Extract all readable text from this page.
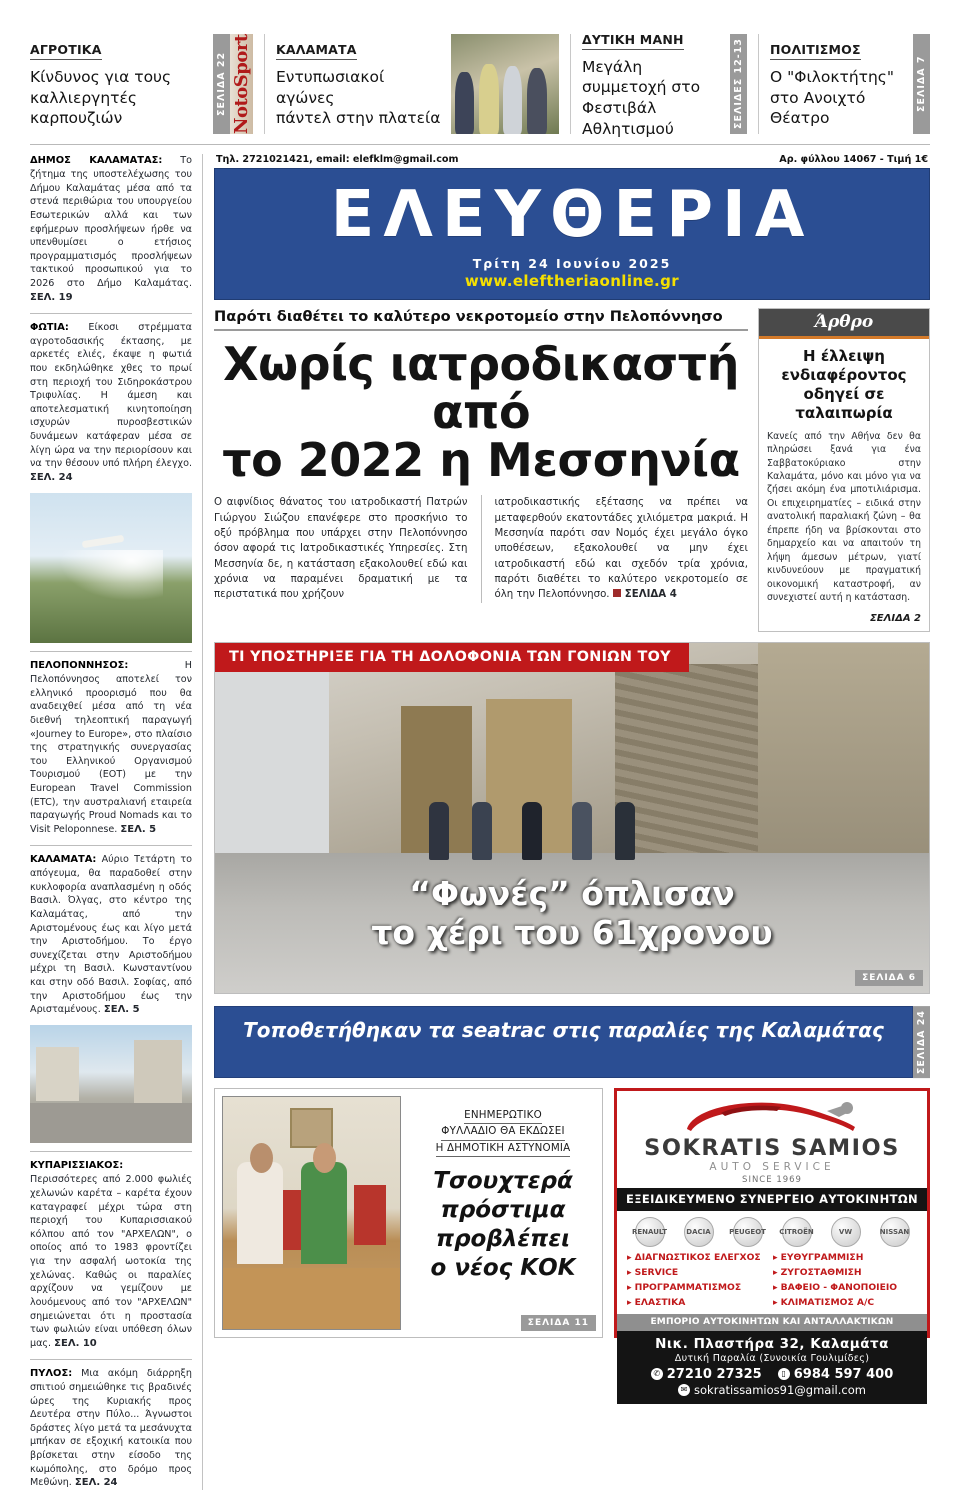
ΑΓΡΟΤΙΚΑ
Κίνδυνος για τους
καλλιεργητές καρπουζιών
ΣΕΛΙΔΑ 22 NotoSport ΚΑΛΑΜΑΤΑ
Εντυπωσιακοί αγώνες
πάντελ στην πλατεία
ΔΥΤΙΚΗ ΜΑΝΗ
Μεγάλη συμμετοχή στο
Φεστιβάλ Αθλητισμού	ΣΕΛΙΔΕΣ 12-13 ΠΟΛΙΤΙΣΜΟΣ
Ο "Φιλοκτήτης"
στο Ανοιχτό Θέατρο
ΣΕΛΙΔΑ 7
ΔΗΜΟΣ ΚΑΛΑΜΑΤΑΣ: Το ζήτημα της υποστελέχωσης του Δήμου Καλαμάτας μέσα από τα στενά περιθώρια του υπουργείου Εσωτερικών αλλά και των εφήμερων προσλήψεων ήρθε να υπενθυμίσει ο ετήσιος προγραμματισμός προσλήψεων τακτικού προσωπικού για το 2026 στο Δήμο Καλαμάτας. ΣΕΛ. 19
ΦΩΤΙΑ: Είκοσι στρέμματα αγροτοδασικής έκτασης, με αρκετές ελιές, έκαψε η φωτιά που εκδηλώθηκε χθες το πρωί στη περιοχή του Σιδηροκάστρου Τριφυλίας. Η άμεση και αποτελεσματική κινητοποίηση ισχυρών πυροσβεστικών δυνάμεων κατάφεραν μέσα σε λίγη ώρα να την περιορίσουν και να την θέσουν υπό πλήρη έλεγχο. ΣΕΛ. 24
ΠΕΛΟΠΟΝΝΗΣΟΣ: Η Πελοπόννησος αποτελεί τον ελληνικό προορισμό που θα αναδειχθεί μέσα από τη νέα διεθνή τηλεοπτική παραγωγή «Journey to Europe», στο πλαίσιο της στρατηγικής συνεργασίας του Ελληνικού Οργανισμού Τουρισμού (ΕΟΤ) με την European Travel Commission (ETC), την αυστραλιανή εταιρεία παραγωγής Proud Nomads και το Visit Peloponnese. ΣΕΛ. 5
ΚΑΛΑΜΑΤΑ: Αύριο Τετάρτη το απόγευμα, θα παραδοθεί στην κυκλοφορία αναπλασμένη η οδός Βασιλ. Όλγας, στο κέντρο της Καλαμάτας, από την Αριστομένους έως και λίγο μετά την Αριστοδήμου. Το έργο συνεχίζεται στην Αριστοδήμου μέχρι τη Βασιλ. Κωνσταντίνου και στην οδό Βασιλ. Σοφίας, από την Αριστοδήμου έως την Αρισταμένους. ΣΕΛ. 5
ΚΥΠΑΡΙΣΣΙΑΚΟΣ: Περισσότερες από 2.000 φωλιές χελωνών καρέτα – καρέτα έχουν καταγραφεί μέχρι τώρα στη περιοχή του Κυπαρισσιακού κόλπου από τον "ΑΡΧΕΛΩΝ", ο οποίος από το 1983 φροντίζει για την ασφαλή ωοτοκία της χελώνας. Καθώς οι παραλίες αρχίζουν να γεμίζουν με λουόμενους από τον "ΑΡΧΕΛΩΝ" σημειώνεται ότι η προστασία των φωλιών είναι υπόθεση όλων μας. ΣΕΛ. 10
ΠΥΛΟΣ: Μια ακόμη διάρρηξη σπιτιού σημειώθηκε τις βραδινές ώρες της Κυριακής προς Δευτέρα στην Πύλο... Άγνωστοι δράστες λίγο μετά τα μεσάνυχτα μπήκαν σε εξοχική κατοικία που βρίσκεται στην είσοδο της κωμόπολης, στο δρόμο προς Μεθώνη. ΣΕΛ. 24
Τηλ. 2721021421, email: elefklm@gmail.com	Αρ. φύλλου 14067 - Τιμή 1€
ΕΛΕΥΘΕΡΙΑ
Τρίτη 24 Ιουνίου 2025
www.eleftheriaonline.gr
Παρότι διαθέτει το καλύτερο νεκροτομείο στην Πελοπόννησο
Χωρίς ιατροδικαστή από
το 2022 η Μεσσηνία
Ο αιφνίδιος θάνατος του ιατροδικαστή Πατρών Γιώργου Σιώζου επανέφερε στο προσκήνιο το οξύ πρόβλημα που υπάρχει στην Πελοπόννησο όσον αφορά τις Ιατροδικαστικές Υπηρεσίες. Στη Μεσσηνία δε, η κατάσταση εξακολουθεί εδώ και χρόνια να παραμένει δραματική με τα περιστατικά που χρήζουν
ιατροδικαστικής εξέτασης να πρέπει να μεταφερθούν εκατοντάδες χιλιόμετρα μακριά. Η Μεσσηνία παρότι σαν Νομός έχει μεγάλο όγκο υποθέσεων, εξακολουθεί να μην έχει ιατροδικαστή εδώ και σχεδόν τρία χρόνια, παρότι διαθέτει το καλύτερο νεκροτομείο σε όλη την Πελοπόννησο. ΣΕΛΙΔΑ 4
Άρθρο
Η έλλειψη
ενδιαφέροντος
οδηγεί σε
ταλαιπωρία
Κανείς από την Αθήνα δεν θα πληρώσει ξανά για ένα Σαββατοκύριακο στην Καλαμάτα, μόνο και μόνο για να ζήσει ακόμη ένα μποτιλιάρισμα. Οι επιχειρηματίες – ειδικά στην ανατολική παραλιακή ζώνη – θα έπρεπε ήδη να βρίσκονται στο δημαρχείο και να απαιτούν τη λήψη άμεσων μέτρων, γιατί κινδυνεύουν με πραγματική οικονομική καταστροφή, αν συνεχιστεί αυτή η κατάσταση.
ΣΕΛΙΔΑ 2
ΤΙ ΥΠΟΣΤΗΡΙΞΕ ΓΙΑ ΤΗ ΔΟΛΟΦΟΝΙΑ ΤΩΝ ΓΟΝΙΩΝ ΤΟΥ
“Φωνές” όπλισαν
το χέρι του 61χρονου
ΣΕΛΙΔΑ 6
Τοποθετήθηκαν τα seatrac στις παραλίες της Καλαμάτας	ΣΕΛΙΔΑ 24
ΕΝΗΜΕΡΩΤΙΚΟ
ΦΥΛΛΑΔΙΟ ΘΑ ΕΚΔΩΣΕΙ
Η ΔΗΜΟΤΙΚΗ ΑΣΤΥΝΟΜΙΑ
Τσουχτερά
πρόστιμα
προβλέπει
ο νέος ΚΟΚ
ΣΕΛΙΔΑ 11
SOKRATIS SAMIOS
AUTO SERVICE
SINCE 1969
ΕΞΕΙΔΙΚΕΥΜΕΝΟ ΣΥΝΕΡΓΕΙΟ ΑΥΤΟΚΙΝΗΤΩΝ
RENAULT	DACIA	PEUGEOT CITROËN	VW	NISSAN
▸ ΔΙΑΓΝΩΣΤΙΚΟΣ ΕΛΕΓΧΟΣ
▸ SERVICE
▸ ΠΡΟΓΡΑΜΜΑΤΙΣΜΟΣ
▸ ΕΛΑΣΤΙΚΑ
▸ ΕΥΘΥΓΡΑΜΜΙΣΗ
▸ ΖΥΓΟΣΤΑΘΜΙΣΗ
▸ ΒΑΦΕΙΟ - ΦΑΝΟΠΟΙΕΙΟ
▸ ΚΛΙΜΑΤΙΣΜΟΣ A/C
ΕΜΠΟΡΙΟ ΑΥΤΟΚΙΝΗΤΩΝ ΚΑΙ ΑΝΤΑΛΛΑΚΤΙΚΩΝ
Νικ. Πλαστήρα 32, Καλαμάτα
Δυτική Παραλία (Συνοικία Γουλιμίδες)
✆ 27210 27325	▯ 6984 597 400
✉ sokratissamios91@gmail.com
